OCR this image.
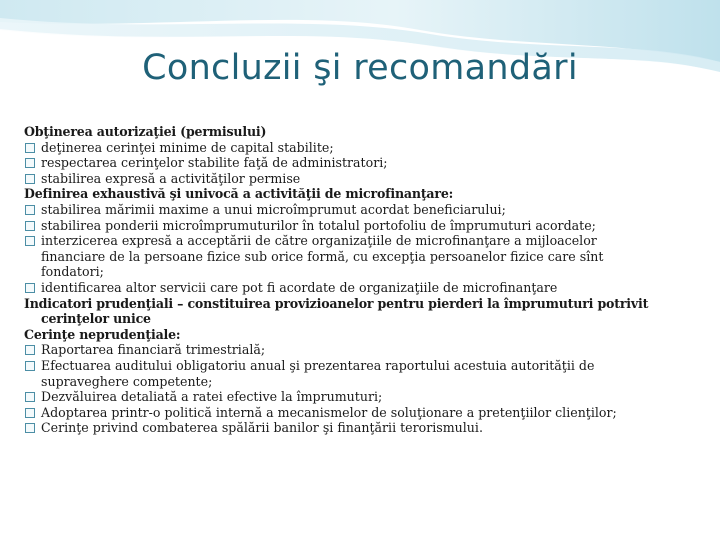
Concluzii şi recomandări
Obţinerea autorizaţiei (permisului)
deţinerea cerinţei minime de capital stabilite;
respectarea cerinţelor stabilite faţă de administratori;
stabilirea expresă a activităţilor permise
Definirea exhaustivă şi univocă a activităţii de microfinanţare:
stabilirea mărimii maxime a unui microîmprumut acordat beneficiarului;
stabilirea ponderii microîmprumuturilor în totalul portofoliu de împrumuturi acordate;
interzicerea expresă a acceptării de către organizaţiile de microfinanţare a mijloacelor
financiare de la persoane fizice sub orice formă, cu excepţia persoanelor fizice care sînt
fondatori;
identificarea altor servicii care pot fi acordate de organizaţiile de microfinanţare
Indicatori prudenţiali – constituirea provizioanelor pentru pierderi la împrumuturi potrivit
cerinţelor unice
Cerinţe neprudenţiale:
Raportarea financiară trimestrială;
Efectuarea auditului obligatoriu anual şi prezentarea raportului acestuia autorităţii de
supraveghere competente;
Dezvăluirea detaliată a ratei efective la împrumuturi;
Adoptarea printr-o politică internă a mecanismelor de soluţionare a pretenţiilor clienţilor;
Cerinţe privind combaterea spălării banilor şi finanţării terorismului.
